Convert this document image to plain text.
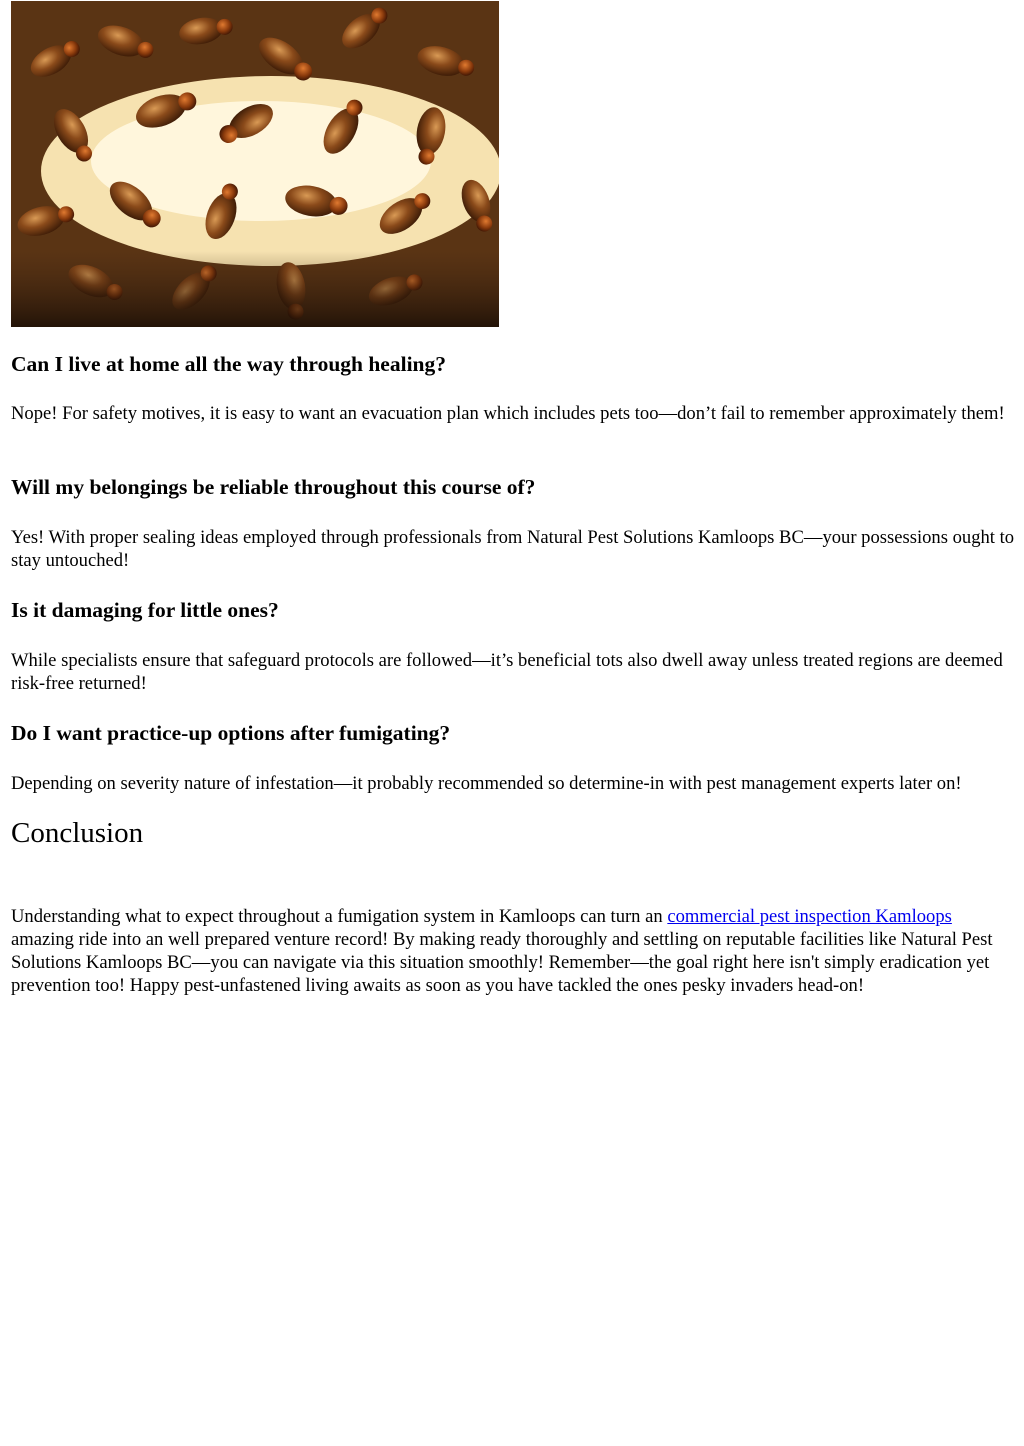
Can I live at home all the way through healing?

Nope! For safety motives, it is easy to want an evacuation plan which includes pets too—don’t fail to remember approximately them!

Will my belongings be reliable throughout this course of?

Yes! With proper sealing ideas employed through professionals from Natural Pest Solutions Kamloops BC—your possessions ought to stay untouched!

Is it damaging for little ones?

While specialists ensure that safeguard protocols are followed—it’s beneficial tots also dwell away unless treated regions are deemed risk-free returned!

Do I want practice-up options after fumigating?

Depending on severity nature of infestation—it probably recommended so determine-in with pest management experts later on!

Conclusion

Understanding what to expect throughout a fumigation system in Kamloops can turn an commercial pest inspection Kamloops amazing ride into an well prepared venture record! By making ready thoroughly and settling on reputable facilities like Natural Pest Solutions Kamloops BC—you can navigate via this situation smoothly! Remember—the goal right here isn't simply eradication yet prevention too! Happy pest-unfastened living awaits as soon as you have tackled the ones pesky invaders head-on!
